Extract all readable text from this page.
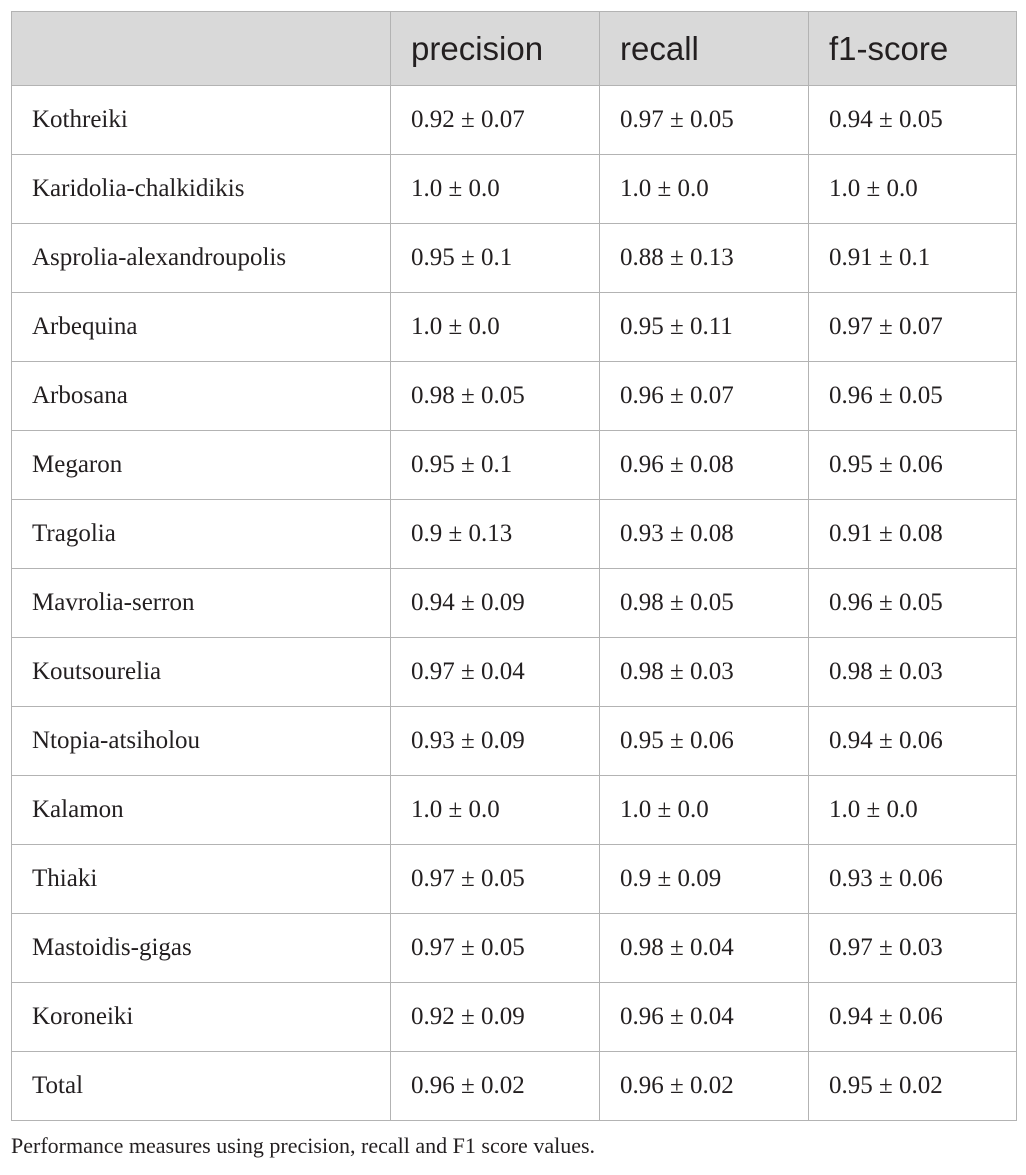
	precision	recall	f1-score
Kothreiki	0.92 ± 0.07	0.97 ± 0.05	0.94 ± 0.05
Karidolia-chalkidikis	1.0 ± 0.0	1.0 ± 0.0	1.0 ± 0.0
Asprolia-alexandroupolis	0.95 ± 0.1	0.88 ± 0.13	0.91 ± 0.1
Arbequina	1.0 ± 0.0	0.95 ± 0.11	0.97 ± 0.07
Arbosana	0.98 ± 0.05	0.96 ± 0.07	0.96 ± 0.05
Megaron	0.95 ± 0.1	0.96 ± 0.08	0.95 ± 0.06
Tragolia	0.9 ± 0.13	0.93 ± 0.08	0.91 ± 0.08
Mavrolia-serron	0.94 ± 0.09	0.98 ± 0.05	0.96 ± 0.05
Koutsourelia	0.97 ± 0.04	0.98 ± 0.03	0.98 ± 0.03
Ntopia-atsiholou	0.93 ± 0.09	0.95 ± 0.06	0.94 ± 0.06
Kalamon	1.0 ± 0.0	1.0 ± 0.0	1.0 ± 0.0
Thiaki	0.97 ± 0.05	0.9 ± 0.09	0.93 ± 0.06
Mastoidis-gigas	0.97 ± 0.05	0.98 ± 0.04	0.97 ± 0.03
Koroneiki	0.92 ± 0.09	0.96 ± 0.04	0.94 ± 0.06
Total	0.96 ± 0.02	0.96 ± 0.02	0.95 ± 0.02
Performance measures using precision, recall and F1 score values.
